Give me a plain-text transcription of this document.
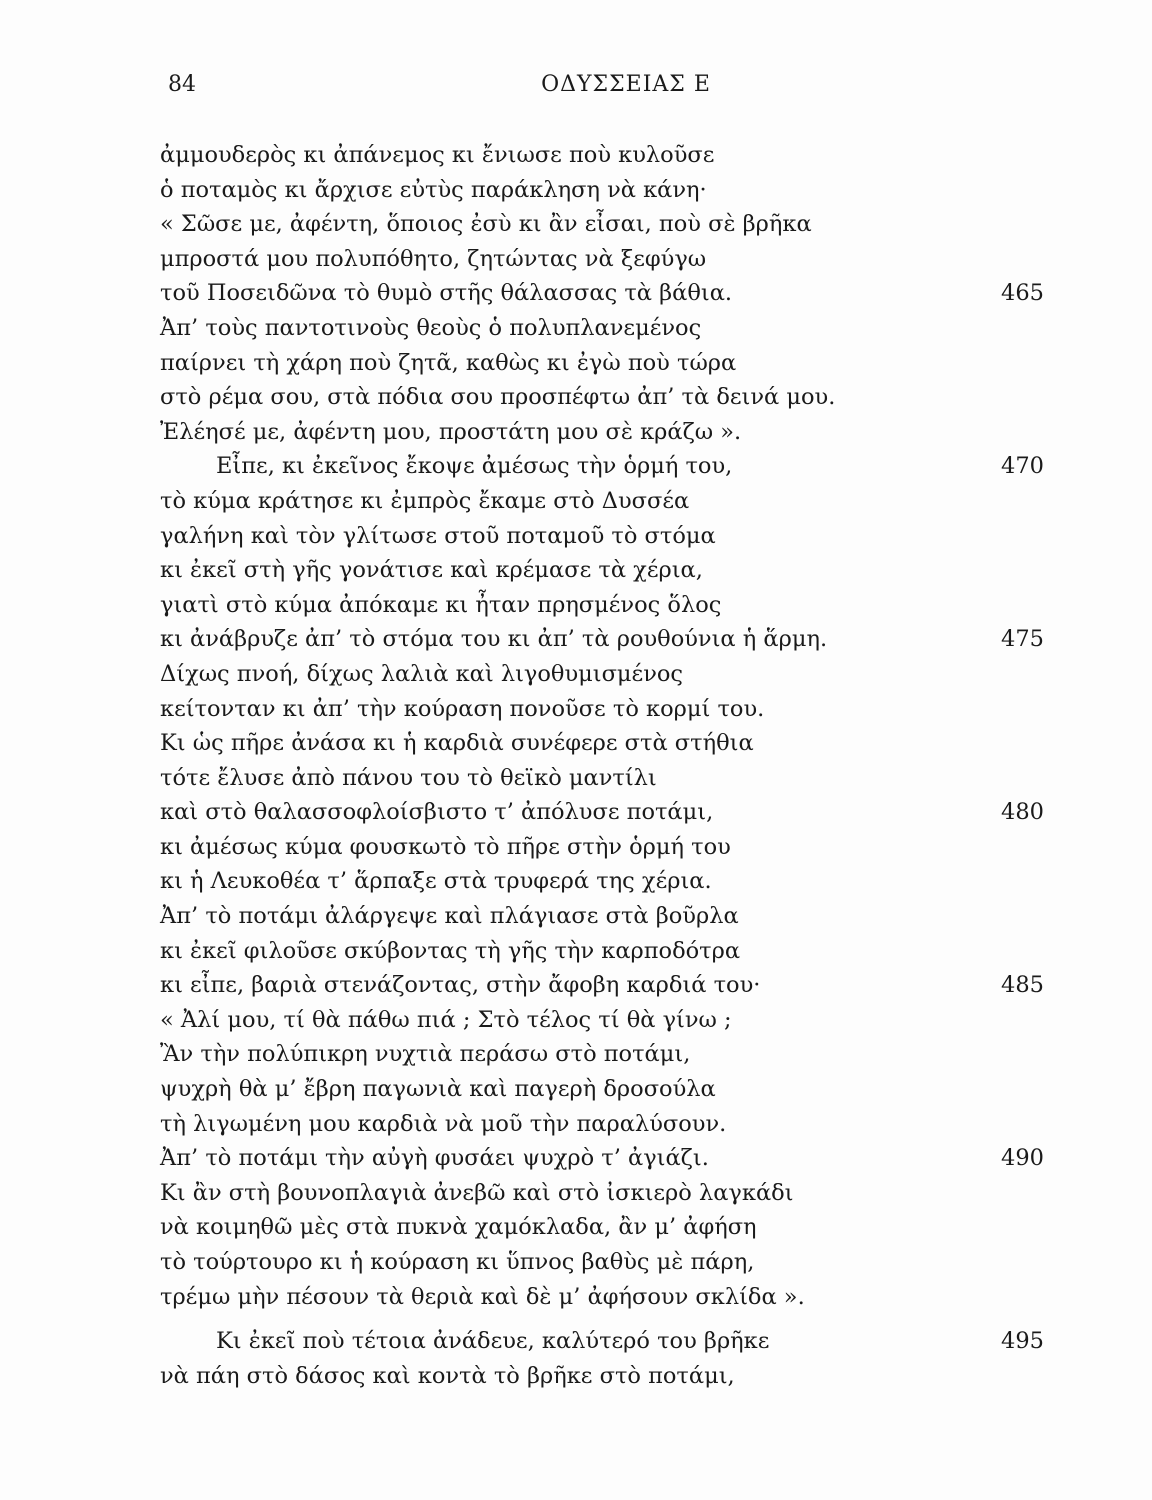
84	ΟΔΥΣΣΕΙΑΣ Ε
ἀμμουδερὸς κι ἀπάνεμος κι ἔνιωσε ποὺ κυλοῦσε
ὁ ποταμὸς κι ἄρχισε εὐτὺς παράκληση νὰ κάνη·
« Σῶσε με, ἀφέντη, ὅποιος ἐσὺ κι ἂν εἶσαι, ποὺ σὲ βρῆκα
μπροστά μου πολυπόθητο, ζητώντας νὰ ξεφύγω
τοῦ Ποσειδῶνα τὸ θυμὸ στῆς θάλασσας τὰ βάθια.	465
Ἀπ’ τοὺς παντοτινοὺς θεοὺς ὁ πολυπλανεμένος
παίρνει τὴ χάρη ποὺ ζητᾶ, καθὼς κι ἐγὼ ποὺ τώρα
στὸ ρέμα σου, στὰ πόδια σου προσπέφτω ἀπ’ τὰ δεινά μου.
Ἐλέησέ με, ἀφέντη μου, προστάτη μου σὲ κράζω ».
Εἶπε, κι ἐκεῖνος ἔκοψε ἀμέσως τὴν ὁρμή του,	470
τὸ κύμα κράτησε κι ἐμπρὸς ἔκαμε στὸ Δυσσέα
γαλήνη καὶ τὸν γλίτωσε στοῦ ποταμοῦ τὸ στόμα
κι ἐκεῖ στὴ γῆς γονάτισε καὶ κρέμασε τὰ χέρια,
γιατὶ στὸ κύμα ἀπόκαμε κι ἦταν πρησμένος ὅλος
κι ἀνάβρυζε ἀπ’ τὸ στόμα του κι ἀπ’ τὰ ρουθούνια ἡ ἅρμη.	475
Δίχως πνοή, δίχως λαλιὰ καὶ λιγοθυμισμένος
κείτονταν κι ἀπ’ τὴν κούραση πονοῦσε τὸ κορμί του.
Κι ὡς πῆρε ἀνάσα κι ἡ καρδιὰ συνέφερε στὰ στήθια
τότε ἔλυσε ἀπὸ πάνου του τὸ θεϊκὸ μαντίλι
καὶ στὸ θαλασσοφλοίσβιστο τ’ ἀπόλυσε ποτάμι,	480
κι ἀμέσως κύμα φουσκωτὸ τὸ πῆρε στὴν ὁρμή του
κι ἡ Λευκοθέα τ’ ἅρπαξε στὰ τρυφερά της χέρια.
Ἀπ’ τὸ ποτάμι ἀλάργεψε καὶ πλάγιασε στὰ βοῦρλα
κι ἐκεῖ φιλοῦσε σκύβοντας τὴ γῆς τὴν καρποδότρα
κι εἶπε, βαριὰ στενάζοντας, στὴν ἄφοβη καρδιά του·	485
« Ἀλί μου, τί θὰ πάθω πιά ; Στὸ τέλος τί θὰ γίνω ;
Ἂν τὴν πολύπικρη νυχτιὰ περάσω στὸ ποτάμι,
ψυχρὴ θὰ μ’ ἔβρη παγωνιὰ καὶ παγερὴ δροσούλα
τὴ λιγωμένη μου καρδιὰ νὰ μοῦ τὴν παραλύσουν.
Ἀπ’ τὸ ποτάμι τὴν αὐγὴ φυσάει ψυχρὸ τ’ ἀγιάζι.	490
Κι ἂν στὴ βουνοπλαγιὰ ἀνεβῶ καὶ στὸ ἰσκιερὸ λαγκάδι
νὰ κοιμηθῶ μὲς στὰ πυκνὰ χαμόκλαδα, ἂν μ’ ἀφήση
τὸ τούρτουρο κι ἡ κούραση κι ὕπνος βαθὺς μὲ πάρη,
τρέμω μὴν πέσουν τὰ θεριὰ καὶ δὲ μ’ ἀφήσουν σκλίδα ».
Κι ἐκεῖ ποὺ τέτοια ἀνάδευε, καλύτερό του βρῆκε	495
νὰ πάη στὸ δάσος καὶ κοντὰ τὸ βρῆκε στὸ ποτάμι,
